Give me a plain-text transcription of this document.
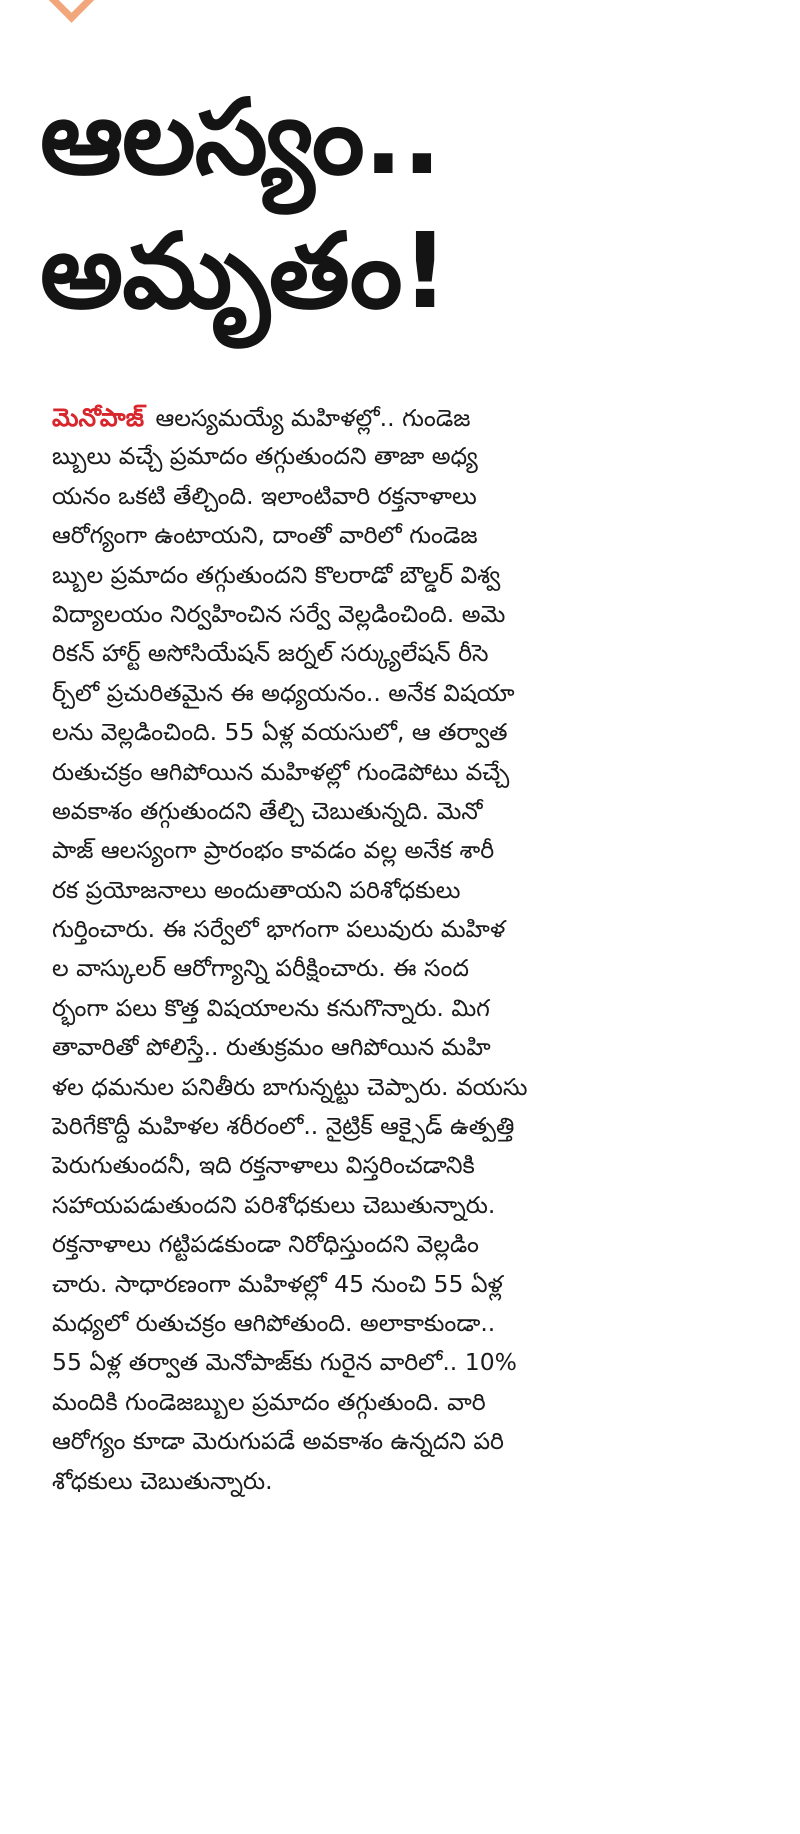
ఆలస్యం..
అమృతం!
మెనోపాజ్ ఆలస్యమయ్యే మహిళల్లో.. గుండెజ
బ్బులు వచ్చే ప్రమాదం తగ్గుతుందని తాజా అధ్య
యనం ఒకటి తేల్చింది. ఇలాంటివారి రక్తనాళాలు
ఆరోగ్యంగా ఉంటాయని, దాంతో వారిలో గుండెజ
బ్బుల ప్రమాదం తగ్గుతుందని కొలరాడో బౌల్డర్ విశ్వ
విద్యాలయం నిర్వహించిన సర్వే వెల్లడించింది. అమె
రికన్ హార్ట్ అసోసియేషన్ జర్నల్ సర్క్యులేషన్ రీసె
ర్చ్‌లో ప్రచురితమైన ఈ అధ్యయనం.. అనేక విషయా
లను వెల్లడించింది. 55 ఏళ్ల వయసులో, ఆ తర్వాత
రుతుచక్రం ఆగిపోయిన మహిళల్లో గుండెపోటు వచ్చే
అవకాశం తగ్గుతుందని తేల్చి చెబుతున్నది. మెనో
పాజ్ ఆలస్యంగా ప్రారంభం కావడం వల్ల అనేక శారీ
రక ప్రయోజనాలు అందుతాయని పరిశోధకులు
గుర్తించారు. ఈ సర్వేలో భాగంగా పలువురు మహిళ
ల వాస్కులర్ ఆరోగ్యాన్ని పరీక్షించారు. ఈ సంద
ర్భంగా పలు కొత్త విషయాలను కనుగొన్నారు. మిగ
తావారితో పోలిస్తే.. రుతుక్రమం ఆగిపోయిన మహి
ళల ధమనుల పనితీరు బాగున్నట్టు చెప్పారు. వయసు
పెరిగేకొద్దీ మహిళల శరీరంలో.. నైట్రిక్ ఆక్సైడ్ ఉత్పత్తి
పెరుగుతుందనీ, ఇది రక్తనాళాలు విస్తరించడానికి
సహాయపడుతుందని పరిశోధకులు చెబుతున్నారు.
రక్తనాళాలు గట్టిపడకుండా నిరోధిస్తుందని వెల్లడిం
చారు. సాధారణంగా మహిళల్లో 45 నుంచి 55 ఏళ్ల
మధ్యలో రుతుచక్రం ఆగిపోతుంది. అలాకాకుండా..
55 ఏళ్ల తర్వాత మెనోపాజ్‌కు గురైన వారిలో.. 10%
మందికి గుండెజబ్బుల ప్రమాదం తగ్గుతుంది. వారి
ఆరోగ్యం కూడా మెరుగుపడే అవకాశం ఉన్నదని పరి
శోధకులు చెబుతున్నారు.
